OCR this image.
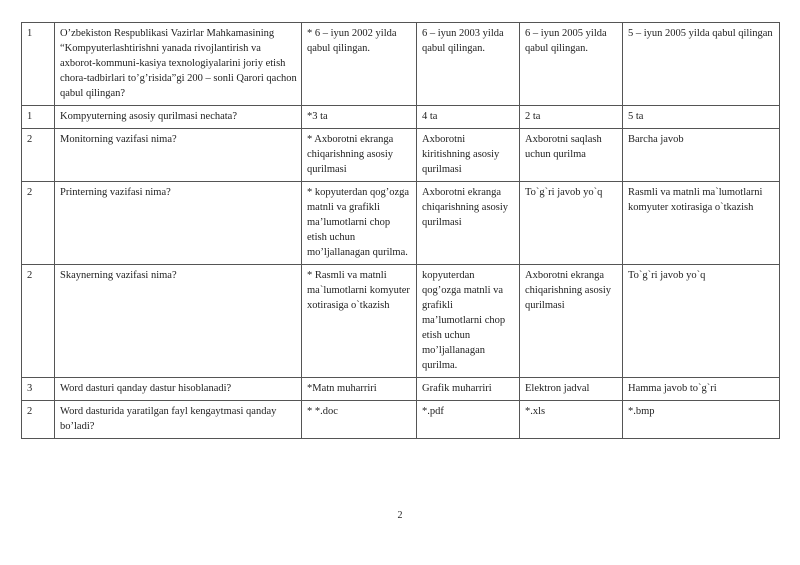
1	O’zbekiston Respublikasi Vazirlar Mahkamasining “Kompyuterlashtirishni yanada rivojlantirish va axborot-kommuni-kasiya texnologiyalarini joriy etish chora-tadbirlari to’g’risida”gi 200 – sonli Qarori qachon qabul qilingan?	* 6 – iyun 2002 yilda qabul qilingan.	6 – iyun 2003 yilda qabul qilingan.	6 – iyun 2005 yilda qabul qilingan.	5 – iyun 2005 yilda qabul qilingan
1	Kompyuterning asosiy qurilmasi nechata?	*3 ta	4 ta	2 ta	5 ta
2	Monitorning vazifasi nima?	* Axborotni ekranga chiqarishning asosiy qurilmasi	Axborotni kiritishning asosiy qurilmasi	Axborotni saqlash uchun qurilma	Barcha javob
2	Printerning vazifasi nima?	* kopyuterdan qog’ozga matnli va grafikli ma’lumotlarni chop etish uchun mo’ljallanagan qurilma.	Axborotni ekranga chiqarishning asosiy qurilmasi	To`g`ri javob yo`q	Rasmli va matnli ma`lumotlarni komyuter xotirasiga o`tkazish
2	Skaynerning vazifasi nima?	* Rasmli va matnli ma`lumotlarni komyuter xotirasiga o`tkazish	kopyuterdan qog’ozga matnli va grafikli ma’lumotlarni chop etish uchun mo’ljallanagan qurilma.	Axborotni ekranga chiqarishning asosiy qurilmasi	To`g`ri javob yo`q
3	Word dasturi qanday dastur hisoblanadi?	*Matn muharriri	Grafik muharriri	Elektron jadval	Hamma javob to`g`ri
2	Word dasturida yaratilgan fayl kengaytmasi qanday bo’ladi?	* *.doc	*.pdf	*.xls	*.bmp
2
